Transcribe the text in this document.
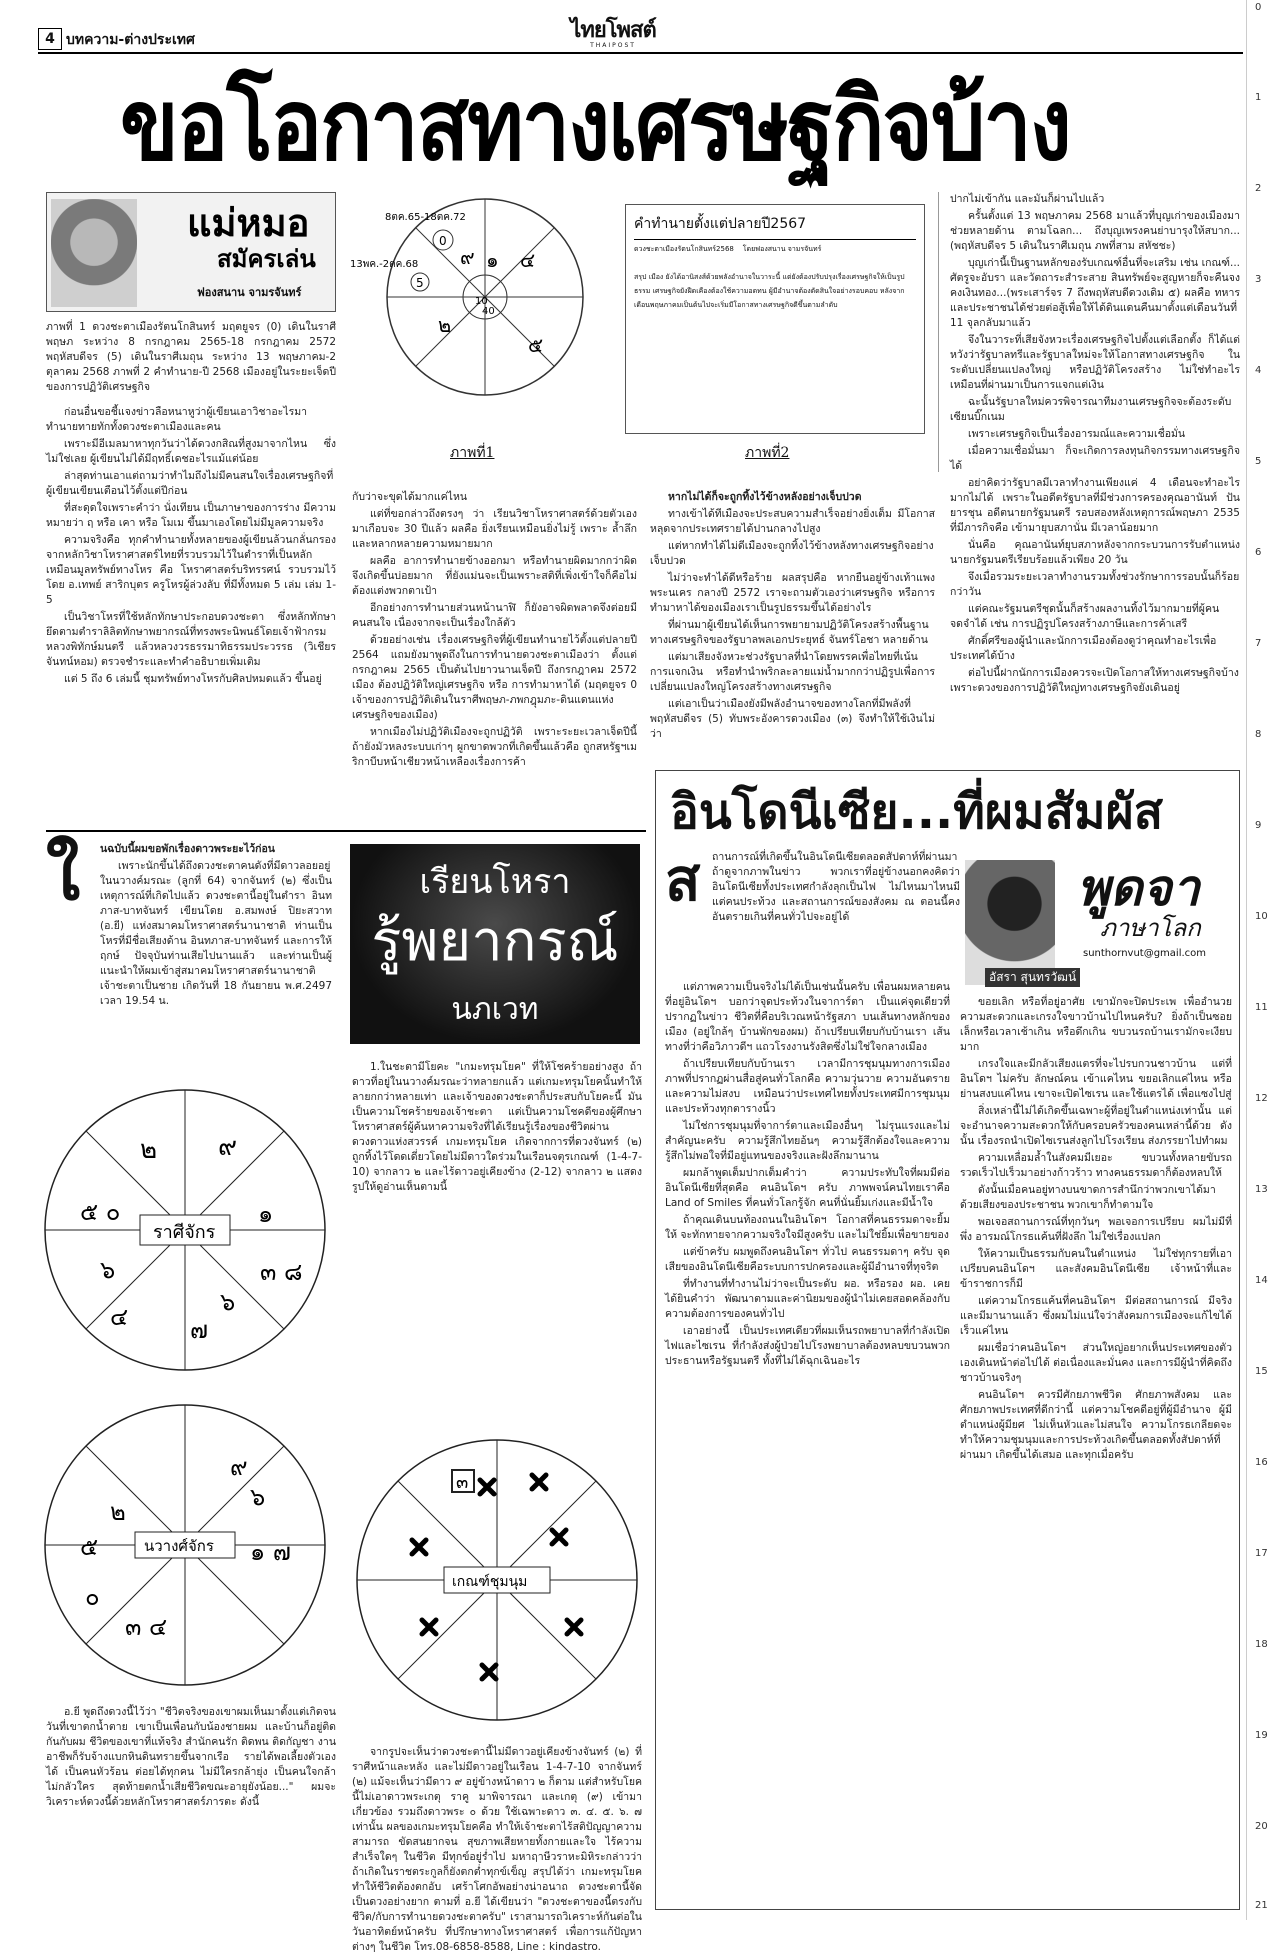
4 บทความ-ต่างประเทศ	ไทยโพสต์
THAIPOST
ขอโอกาสทางเศรษฐกิจบ้าง
แม่หมอ
สมัครเล่น
ฟองสนาน จามรจันทร์
0
5
8ตค.65-18ตค.72
13พค.-2ตค.68 ๙ ๑ ๔
๒
10
40
๕
ภาพที่1
คำทำนายตั้งแต่ปลายปี2567
ดวงชะตาเมืองรัตนโกสินทร์2568 โดยฟองสนาน จามรจันทร์
สรุป เมือง ยังได้อานิสงส์ด้วยพลังอำนาจในวาระนี้ แต่ยังต้องปรับปรุงเรื่องเศรษฐกิจให้เป็นรูปธรรม เศรษฐกิจยังฝืดเคืองต้องใช้ความอดทน ผู้มีอำนาจต้องตัดสินใจอย่างรอบคอบ หลังจากเดือนพฤษภาคมเป็นต้นไปจะเริ่มมีโอกาสทางเศรษฐกิจดีขึ้นตามลำดับ
ภาพที่2

ภาพที่ 1 ดวงชะตาเมืองรัตนโกสินทร์ มฤตยูจร (0) เดินในราศีพฤษภ ระหว่าง 8 กรกฎาคม 2565-18 กรกฎาคม 2572 พฤหัสบดีจร (5) เดินในราศีเมถุน ระหว่าง 13 พฤษภาคม-2 ตุลาคม 2568 ภาพที่ 2 คำทำนาย-ปี 2568 เมืองอยู่ในระยะเจ็ดปีของการปฏิวัติเศรษฐกิจ

ก่อนอื่นขอชี้แจงข่าวลือหนาหูว่าผู้เขียนเอาวิชาอะไรมาทำนายทายทักทั้งดวงชะตาเมืองและคน

เพราะมีอีเมลมาหาทุกวันว่าได้ดวงกสิณที่สูงมาจากไหน ซึ่งไม่ใช่เลย ผู้เขียนไม่ได้มีฤทธิ์เดชอะไรแม้แต่น้อย

ล่าสุดท่านเอาแต่ถามว่าทำไมถึงไม่มีคนสนใจเรื่องเศรษฐกิจที่ผู้เขียนเขียนเตือนไว้ตั้งแต่ปีก่อน

ที่สะดุดใจเพราะคำว่า นั่งเทียน เป็นภาษาของการร่าง มีความหมายว่า ฤ หรือ เคา หรือ โมเม ขึ้นมาเองโดยไม่มีมูลความจริง

ความจริงคือ ทุกคำทำนายทั้งหลายของผู้เขียนล้วนกลั่นกรองจากหลักวิชาโหราศาสตร์ไทยที่รวบรวมไว้ในตำราที่เป็นหลักเหมือนมูลทรัพย์ทางโหร คือ โหราศาสตร์บริทรรศน์ รวบรวมไว้โดย อ.เทพย์ สาริกบุตร ครูโหรผู้ล่วงลับ ที่มีทั้งหมด 5 เล่ม เล่ม 1-5

เป็นวิชาโหรที่ใช้หลักทักษาประกอบดวงชะตา ซึ่งหลักทักษายึดตามตำราลิลิตทักษาพยากรณ์ที่ทรงพระนิพนธ์โดยเจ้าฟ้ากรมหลวงพิทักษ์มนตรี แล้วหลวงวรธรรมาทิธรรมประวรรธ (วิเชียร จันทน์หอม) ตรวจชำระและทำคำอธิบายเพิ่มเติม

แต่ 5 ถึง 6 เล่มนี้ ชุมทรัพย์ทางโหรกับศิลปหมดแล้ว ขึ้นอยู่

กับว่าจะขุดได้มากแค่ไหน

แต่ที่ขอกล่าวถึงตรงๆ ว่า เรียนวิชาโหราศาสตร์ด้วยตัวเองมาเกือบจะ 30 ปีแล้ว ผลคือ ยิ่งเรียนเหมือนยิ่งไม่รู้ เพราะ ล้ำลึกและหลากหลายความหมายมาก

ผลคือ อาการทำนายข้างออกมา หรือทำนายผิดมากกว่าผิด จึงเกิดขึ้นบ่อยมาก ที่ยังแม่นจะเป็นเพราะสติที่เพิ่งเข้าใจก็คือไม่ต้องแต่งพวกตาเป้า

อีกอย่างการทำนายส่วนหน้านาฬิ ก็ยังอาจผิดพลาดจึงต่อยมีคนสนใจ เนื่องจากจะเป็นเรื่องใกล้ตัว

ด้วยอย่างเช่น เรื่องเศรษฐกิจที่ผู้เขียนทำนายไว้ตั้งแต่ปลายปี 2564 แถมยังมาพูดถึงในการทำนายดวงชะตาเมืองว่า ตั้งแต่กรกฎาคม 2565 เป็นต้นไปยาวนานเจ็ดปี ถึงกรกฎาคม 2572 เมือง ต้องปฏิวัติใหญ่เศรษฐกิจ หรือ การทำมาหาได้ (มฤตยูจร 0 เจ้าของการปฏิวัติเดินในราศีพฤษภ-ภพกฎุมภะ-ดินแดนแห่งเศรษฐกิจของเมือง)

หากเมืองไม่ปฏิวัติเมืองจะถูกปฏิวัติ เพราะระยะเวลาเจ็ดปีนี้ถ้ายังมัวหลงระบบเก่าๆ ผูกขาดพวกที่เกิดขึ้นแล้วคือ ถูกสหรัฐฯเมริกาบีบหน้าเชียวหน้าเหลืองเรื่องการค้า

หากไม่ได้ก็จะถูกทิ้งไว้ข้างหลังอย่างเจ็บปวด

ทางเข้าได้ทีเมืองจะประสบความสำเร็จอย่างยิ่งเต็ม มีโอกาสหลุดจากประเทศรายได้ปานกลางไปสูง

แต่หากทำได้ไม่ดีเมืองจะถูกทิ้งไว้ข้างหลังทางเศรษฐกิจอย่างเจ็บปวด

ไม่ว่าจะทำได้ดีหรือร้าย ผลสรุปคือ หากยืนอยู่ข้างเท้าแพง พระนเคร กลางปี 2572 เราจะถามตัวเองว่าเศรษฐกิจ หรือการทำมาหาได้ของเมืองเราเป็นรูปธรรมขึ้นได้อย่างไร

ที่ผ่านมาผู้เขียนได้เห็นการพยายามปฏิวัติโครงสร้างพื้นฐานทางเศรษฐกิจของรัฐบาลพลเอกประยุทธ์ จันทร์โอชา หลายด้าน

แต่มาเสียงจังหวะช่วงรัฐบาลที่นำโดยพรรคเพื่อไทยที่เน้นการแจกเงิน หรือทำนำพริกละลายแม่น้ำมากกว่าปฏิรูปเพื่อการเปลี่ยนแปลงใหญ่โครงสร้างทางเศรษฐกิจ

แต่เอาเป็นว่าเมืองยังมีพลังอำนาจของทางโลกที่มีพลังที่พฤหัสบดีจร (5) ทับพระอังคารดวงเมือง (๓) จึงทำให้ใช้เงินไม่ว่า

ปากไม่เข้ากัน และมันก็ผ่านไปแล้ว

ครั้นตั้งแต่ 13 พฤษภาคม 2568 มาแล้วที่บุญเก่าของเมืองมาช่วยหลายด้าน ตามโฉลก... ถึงบุญเพรงคนย่าบารุงให้สบาก... (พฤหัสบดีจร 5 เดินในราศีเมถุน ภพที่สาม สหัชชะ)

บุญเก่านี้เป็นฐานหลักของรับเกณฑ์อื่นที่จะเสริม เช่น เกณฑ์... ศัตรูจะอับรา และวัตถาระสำระสาย สินทรัพย์จะสูญหายก็จะคืนจงคงเงินทอง...(พระเสาร์จร 7 ถึงพฤหัสบดีดวงเดิม ๕) ผลคือ ทหารและประชาชนได้ช่วยต่อสู้เพื่อให้ได้ดินแดนคืนมาตั้งแต่เดือนวันที่ 11 จุลกลับมาแล้ว

จึงในวาระที่เสียจังหวะเรื่องเศรษฐกิจไปตั้งแต่เลือกตั้ง ก็ได้แต่หวังว่ารัฐบาลทรีและรัฐบาลใหม่จะให้โอกาสทางเศรษฐกิจ ในระดับเปลี่ยนแปลงใหญ่ หรือปฏิวัติโครงสร้าง ไม่ใช่ทำอะไรเหมือนที่ผ่านมาเป็นการแจกแต่เงิน

ฉะนั้นรัฐบาลใหม่ควรพิจารณาทีมงานเศรษฐกิจจะต้องระดับเซียนบิ๊กเนม

เพราะเศรษฐกิจเป็นเรื่องอารมณ์และความเชื่อมั่น

เมื่อความเชื่อมั่นมา ก็จะเกิดการลงทุนกิจกรรมทางเศรษฐกิจได้

อย่าคิดว่ารัฐบาลมีเวลาทำงานเพียงแค่ 4 เดือนจะทำอะไรมากไม่ได้ เพราะในอดีตรัฐบาลที่มีช่วงการครองคุณอานันท์ ปันยารชุน อดีตนายกรัฐมนตรี รอบสองหลังเหตุการณ์พฤษภา 2535 ที่มีภารกิจคือ เข้ามายุบสภานั่น มีเวลาน้อยมาก

นั่นคือ คุณอานันท์ยุบสภาหลังจากกระบวนการรับตำแหน่งนายกรัฐมนตรีเรียบร้อยแล้วเพียง 20 วัน

จึงเมื่อรวมระยะเวลาทำงานรวมทั้งช่วงรักษาการรอบนั้นก็ร้อยกว่าวัน

แต่คณะรัฐมนตรีชุดนั้นก็สร้างผลงานทิ้งไว้มากมายที่ผู้คนจดจำได้ เช่น การปฏิรูปโครงสร้างภาษีและการค้าเสรี

ศักดิ์ศรีของผู้นำและนักการเมืองต้องดูว่าคุณทำอะไรเพื่อประเทศได้บ้าง

ต่อไปนี้ฝากนักการเมืองควรจะเปิดโอกาสให้ทางเศรษฐกิจบ้าง เพราะดวงของการปฏิวัติใหญ่ทางเศรษฐกิจยังเดินอยู่

ใ นฉบับนี้ผมขอพักเรื่องดาวพระยะไว้ก่อน

เพราะนักขึ้นได้ถึงดวงชะตาคนดังที่มีดาวลอยอยู่ในนวางค์มรณะ (ลูกที่ 64) จากจันทร์ (๒) ซึ่งเป็นเหตุการณ์ที่เกิดไปแล้ว ดวงชะตานี้อยู่ในตำรา อินทภาส-บาทจันทร์ เขียนโดย อ.สมพงษ์ ปิยะสวาท (อ.ยี) แห่งสมาคมโหราศาสตร์นานาชาติ ท่านเป็นโหรที่มีชื่อเสียงด้าน อินทภาส-บาทจันทร์ และการให้ฤกษ์ ปัจจุบันท่านเสียไปนานแล้ว และท่านเป็นผู้แนะนำให้ผมเข้าสู่สมาคมโหราศาสตร์นานาชาติ เจ้าชะตาเป็นชาย เกิดวันที่ 18 กันยายน พ.ศ.2497 เวลา 19.54 น.

เรียนโหรา
รู้พยากรณ์
นภเวท
ราศีจักร
๒ ๙
๕ ๐	๑
๓ ๘
๖
๗
๔
๖
นวางศ์จักร
๙
๖
๒
๕	๑ ๗
๐
๓ ๔
เกณฑ์ชุมนุม
๓

1.ในชะตามีโยคะ "เกมะทรุมโยค" ที่ให้โชคร้ายอย่างสูง ถ้าดาวที่อยู่ในนวางค์มรณะว่าทลายกแล้ว แต่เกมะทรุมโยคนั้นทำให้ลายกกว่าหลายเท่า และเจ้าของดวงชะตาก็ประสบกับโยคะนี้ มันเป็นความโชคร้ายของเจ้าชะตา แต่เป็นความโชคดีของผู้ศึกษาโหราศาสตร์ผู้ค้นหาความจริงที่ได้เรียนรู้เรื่องของชีวิตผ่านดวงดาวแห่งสวรรค์ เกมะทรุมโยค เกิดจากการที่ดวงจันทร์ (๒) ถูกทิ้งไว้โดดเดี่ยวโดยไม่มีดาวใดร่วมในเรือนจตุรเกณฑ์ (1-4-7-10) จากลาว ๒ และไร้ดาวอยู่เคียงข้าง (2-12) จากลาว ๒ แสดงรูปให้ดูอ่านเห็นตามนี้

อ.ยี พูดถึงดวงนี้ไว้ว่า "ชีวิตจริงของเขาผมเห็นมาตั้งแต่เกิดจนวันที่เขาตกน้ำตาย เขาเป็นเพื่อนกับน้องชายผม และบ้านก็อยู่ติดกันกับผม ชีวิตของเขาที่แท้จริง สำนักคนรัก ติดพน ติดกัญชา งานอาชีพก็รับจ้างแบกหินดินทรายขึ้นจากเรือ รายได้พอเลี้ยงตัวเองได้ เป็นคนหัวร้อน ต่อยได้ทุกคน ไม่มีใครกล้ายุ่ง เป็นคนใจกล้า ไม่กลัวใคร สุดท้ายตกน้ำเสียชีวิตขณะอายุยังน้อย..." ผมจะวิเคราะห์ดวงนี้ด้วยหลักโหราศาสตร์ภารตะ ดังนี้

จากรูปจะเห็นว่าดวงชะตานี้ไม่มีดาวอยู่เคียงข้างจันทร์ (๒) ที่ราศีหน้าและหลัง และไม่มีดาวอยู่ในเรือน 1-4-7-10 จากจันทร์ (๒) แม้จะเห็นว่ามีดาว ๙ อยู่ข้างหน้าดาว ๒ ก็ตาม แต่สำหรับโยคนี้ไม่เอาดาวพระเกตุ ราคู มาพิจารณา และเกตุ (๙) เข้ามาเกี่ยวข้อง รวมถึงดาวพระ ๐ ด้วย ใช้เฉพาะดาว ๓. ๔. ๕. ๖. ๗ เท่านั้น ผลของเกมะทรุมโยคคือ ทำให้เจ้าชะตาไร้สติปัญญาความสามารถ ขัดสนยากจน สุขภาพเสียหายทั้งกายและใจ ไร้ความสำเร็จใดๆ ในชีวิต มีทุกข์อยู่ร่ำไป มหาฤาษีวราหะมิหิระกล่าวว่า ถ้าเกิดในราชตระกูลก็ยังตกต่ำทุกข์เข็ญ สรุปได้ว่า เกมะทรุมโยค ทำให้ชีวิตต้องตกอับ เศร้าโศกอัพอย่างน่าอนาถ ดวงชะตานี้จัดเป็นดวงอย่างยาก ตามที่ อ.ยี ได้เขียนว่า "ดวงชะตาของนี้ตรงกับชีวิต/กับการทำนายดวงชะตาครับ" เราสามารถวิเคราะห์กันต่อในวันอาทิตย์หน้าครับ ที่ปรึกษาทางโหราศาสตร์ เพื่อการแก้ปัญหาต่างๆ ในชีวิต โทร.08-6858-8588, Line : kindastro.

อินโดนีเซีย...ที่ผมสัมผัส
ส ถานการณ์ที่เกิดขึ้นในอินโดนีเซียตลอดสัปดาห์ที่ผ่านมา ถ้าดูจากภาพในข่าว พวกเราที่อยู่ข้างนอกคงคิดว่าอินโดนีเซียทั้งประเทศกำลังลุกเป็นไฟ ไม่ไหนมาไหนมีแต่คนประท้วง และสถานการณ์ของสังคม ณ ตอนนี้คงอันตรายเกินที่คนทั่วไปจะอยู่ได้	พูดจา
ภาษาโลก
sunthornvut@gmail.com
อัสรา สุนทรวัฒน์

แต่ภาพความเป็นจริงไม่ได้เป็นเช่นนั้นครับ เพื่อนผมหลายคนที่อยู่อินโดฯ บอกว่าจุดประท้วงในจาการ์ตา เป็นแค่จุดเดียวที่ปรากฏในข่าว ชีวิตที่คือบริเวณหน้ารัฐสภา บนเส้นทางหลักของเมือง (อยู่ใกล้ๆ บ้านพักของผม) ถ้าเปรียบเทียบกับบ้านเรา เส้นทางที่ว่าคือวิภาวดีฯ แถวโรงงานรังสิตซึ่งไม่ใช่ใจกลางเมือง

ถ้าเปรียบเทียบกับบ้านเรา เวลามีการชุมนุมทางการเมือง ภาพที่ปรากฏผ่านสื่อสู่คนทั่วโลกคือ ความวุ่นวาย ความอันตราย และความไม่สงบ เหมือนว่าประเทศไทยทั้งประเทศมีการชุมนุมและประท้วงทุกตารางนิ้ว

ไม่ใช่การชุมนุมที่จาการ์ตาและเมืองอื่นๆ ไม่รุนแรงและไม่สำคัญนะครับ ความรู้สึกไทยอ้นๆ ความรู้สึกต้องใจและความรู้สึกไม่พอใจที่มีอยู่แทนของจริงและฝังลึกมานาน

ผมกล้าพูดเต็มปากเต็มคำว่า ความประทับใจที่ผมมีต่ออินโดนีเซียที่สุดคือ คนอินโดฯ ครับ ภาพพจน์คนไทยเราคือ Land of Smiles ที่คนทั่วโลกรู้จัก คนที่นั่นยิ้มเก่งและมีน้ำใจ

ถ้าคุณเดินบนท้องถนนในอินโดฯ โอกาสที่คนธรรมดาจะยิ้มให้ จะทักทายจากความจริงใจมีสูงครับ และไม่ใช่ยิ้มเพื่อขายของ

แต่ข้าครับ ผมพูดถึงคนอินโดฯ ทั่วไป คนธรรมดาๆ ครับ จุดเสียของอินโดนีเซียคือระบบการปกครองและผู้มีอำนาจที่ทุจริต

ที่ทำงานที่ทำงานไม่ว่าจะเป็นระดับ ผอ. หรือรอง ผอ. เคยได้ยินคำว่า พัฒนาตามและค่านิยมของผู้นำไม่เคยสอดคล้องกับความต้องการของคนทั่วไป

เอาอย่างนี้ เป็นประเทศเดียวที่ผมเห็นรถพยาบาลที่กำลังเปิดไฟและไซเรน ที่กำลังส่งผู้ป่วยไปโรงพยาบาลต้องหลบขบวนพวกประธานหรือรัฐมนตรี ทั้งที่ไม่ได้ฉุกเฉินอะไร

ขอยเลิก หรือที่อยู่อาศัย เขามักจะปิดประเพ เพื่ออำนวยความสะดวกและเกรงใจขาวบ้านไปไหนครับ? ยิ่งถ้าเป็นซอยเล็กหรือเวลาเช้าเกิน หรือดึกเกิน ขบวนรถบ้านเรามักจะเงียบมาก

เกรงใจและมีกลัวเสียงแตรที่จะไปรบกวนชาวบ้าน แต่ที่อินโดฯ ไม่ครับ ลักษณ์คน เข้าแคไหน ขยอเลิกแค่ไหน หรือย่านสงบแค่ไหน เขาจะเปิดไซเรน และใช้แตรได้ เพื่อแซงไปสู่

สิ่งเหล่านี้ไม่ได้เกิดขึ้นเฉพาะผู้ที่อยู่ในตำแหน่งเท่านั้น แต่จะอำนาจความสะดวกให้กับครอบครัวของคนเหล่านี้ด้วย ดังนั้น เรื่องรถนำเปิดไซเรนส่งลูกไปโรงเรียน ส่งภรรยาไปทำผม

ความเหลื่อมล้ำในสังคมมีเยอะ ขบวนทั้งหลายขับรถรวดเร็วไปเร็วมาอย่างก้าวร้าว ทางคนธรรมดาก็ต้องหลบให้

ดังนั้นเมื่อคนอยู่ทางบนขาดการสำนึกว่าพวกเขาได้มาด้วยเสียงของประชาชน พวกเขาก็ทำตามใจ

พอเจอสถานการณ์ที่ทุกวันๆ พอเจอการเปรียบ ผมไม่มีที่พึ่ง อารมณ์โกรธแค้นที่ฝังลึก ไม่ใช่เรื่องแปลก

ให้ความเป็นธรรมกับคนในตำแหน่ง ไม่ใช่ทุกรายที่เอาเปรียบคนอินโดฯ และสังคมอินโดนีเซีย เจ้าหน้าที่และข้าราชการก็มี

แต่ความโกรธแค้นที่คนอินโดฯ มีต่อสถานการณ์ มีจริงและมีมานานแล้ว ซึ่งผมไม่แน่ใจว่าสังคมการเมืองจะแก้ไขได้เร็วแค่ไหน

ผมเชื่อว่าคนอินโดฯ ส่วนใหญ่อยากเห็นประเทศของตัวเองเดินหน้าต่อไปได้ ต่อเนื่องและมั่นคง และการมีผู้นำที่คิดถึงชาวบ้านจริงๆ

คนอินโดฯ ควรมีศักยภาพชีวิต ศักยภาพสังคม และศักยภาพประเทศที่ดีกว่านี้ แต่ความโชคดีอยู่ที่ผู้มีอำนาจ ผู้มีตำแหน่งผู้มียศ ไม่เห็นหัวและไม่สนใจ ความโกรธเกลียดจะทำให้ความชุมนุมและการประท้วงเกิดขึ้นตลอดทั้งสัปดาห์ที่ผ่านมา เกิดขึ้นได้เสมอ และทุกเมื่อครับ

0
1
2
3
4
5
6
7
8
9
10
11
12
13
14
15
16
17
18
19
20
21
